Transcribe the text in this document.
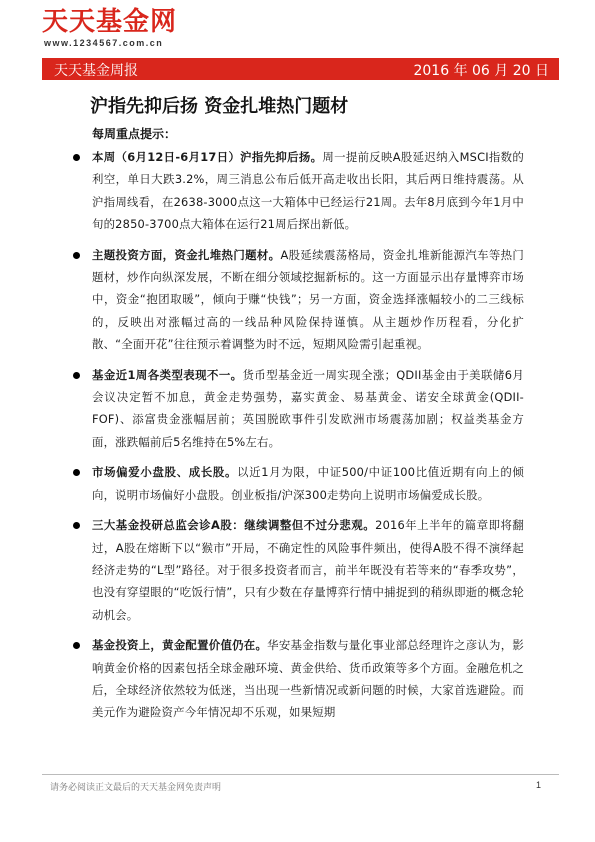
天天基金网
www.1234567.com.cn
天天基金周报	2016 年 06 月 20 日
沪指先抑后扬 资金扎堆热门题材
每周重点提示：

本周（6月12日-6月17日）沪指先抑后扬。周一提前反映A股延迟纳入MSCI指数的利空，单日大跌3.2%，周三消息公布后低开高走收出长阳，其后两日维持震荡。从沪指周线看，在2638-3000点这一大箱体中已经运行21周。去年8月底到今年1月中旬的2850-3700点大箱体在运行21周后探出新低。

主题投资方面，资金扎堆热门题材。A股延续震荡格局，资金扎堆新能源汽车等热门题材，炒作向纵深发展，不断在细分领域挖掘新标的。这一方面显示出存量博弈市场中，资金“抱团取暖”，倾向于赚“快钱”；另一方面，资金选择涨幅较小的二三线标的，反映出对涨幅过高的一线品种风险保持谨慎。从主题炒作历程看，分化扩散、“全面开花”往往预示着调整为时不远，短期风险需引起重视。

基金近1周各类型表现不一。货币型基金近一周实现全涨；QDII基金由于美联储6月会议决定暂不加息，黄金走势强势，嘉实黄金、易基黄金、诺安全球黄金(QDII-FOF)、添富贵金涨幅居前；英国脱欧事件引发欧洲市场震荡加剧；权益类基金方面，涨跌幅前后5名维持在5%左右。

市场偏爱小盘股、成长股。以近1月为限，中证500/中证100比值近期有向上的倾向，说明市场偏好小盘股。创业板指/沪深300走势向上说明市场偏爱成长股。

三大基金投研总监会诊A股：继续调整但不过分悲观。2016年上半年的篇章即将翻过，A股在熔断下以“猴市”开局，不确定性的风险事件频出，使得A股不得不演绎起经济走势的“L型”路径。对于很多投资者而言，前半年既没有若等来的“春季攻势”，也没有穿望眼的“吃饭行情”，只有少数在存量博弈行情中捕捉到的稍纵即逝的概念轮动机会。

基金投资上，黄金配置价值仍在。华安基金指数与量化事业部总经理许之彦认为，影响黄金价格的因素包括全球金融环境、黄金供给、货币政策等多个方面。金融危机之后，全球经济依然较为低迷，当出现一些新情况或新问题的时候，大家首选避险。而美元作为避险资产今年情况却不乐观，如果短期

请务必阅读正文最后的天天基金网免责声明	1
